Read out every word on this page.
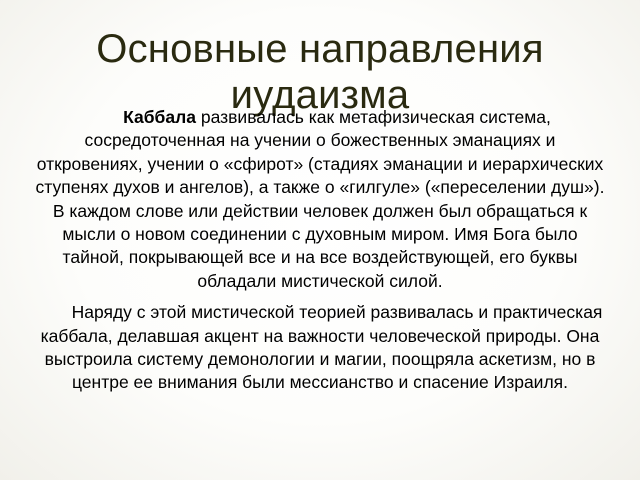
Основные направления
иудаизма

Каббала развивалась как метафизическая система, сосредоточенная на учении о божественных эманациях и откровениях, учении о «сфирот» (стадиях эманации и иерархических ступенях духов и ангелов), а также о «гилгуле» («переселении душ»). В каждом слове или действии человек должен был обращаться к мысли о новом соединении с духовным миром. Имя Бога было тайной, покрывающей все и на все воздействующей, его буквы обладали мистической силой.

Наряду с этой мистической теорией развивалась и практическая каббала, делавшая акцент на важности человеческой природы. Она выстроила систему демонологии и магии, поощряла аскетизм, но в центре ее внимания были мессианство и спасение Израиля.
